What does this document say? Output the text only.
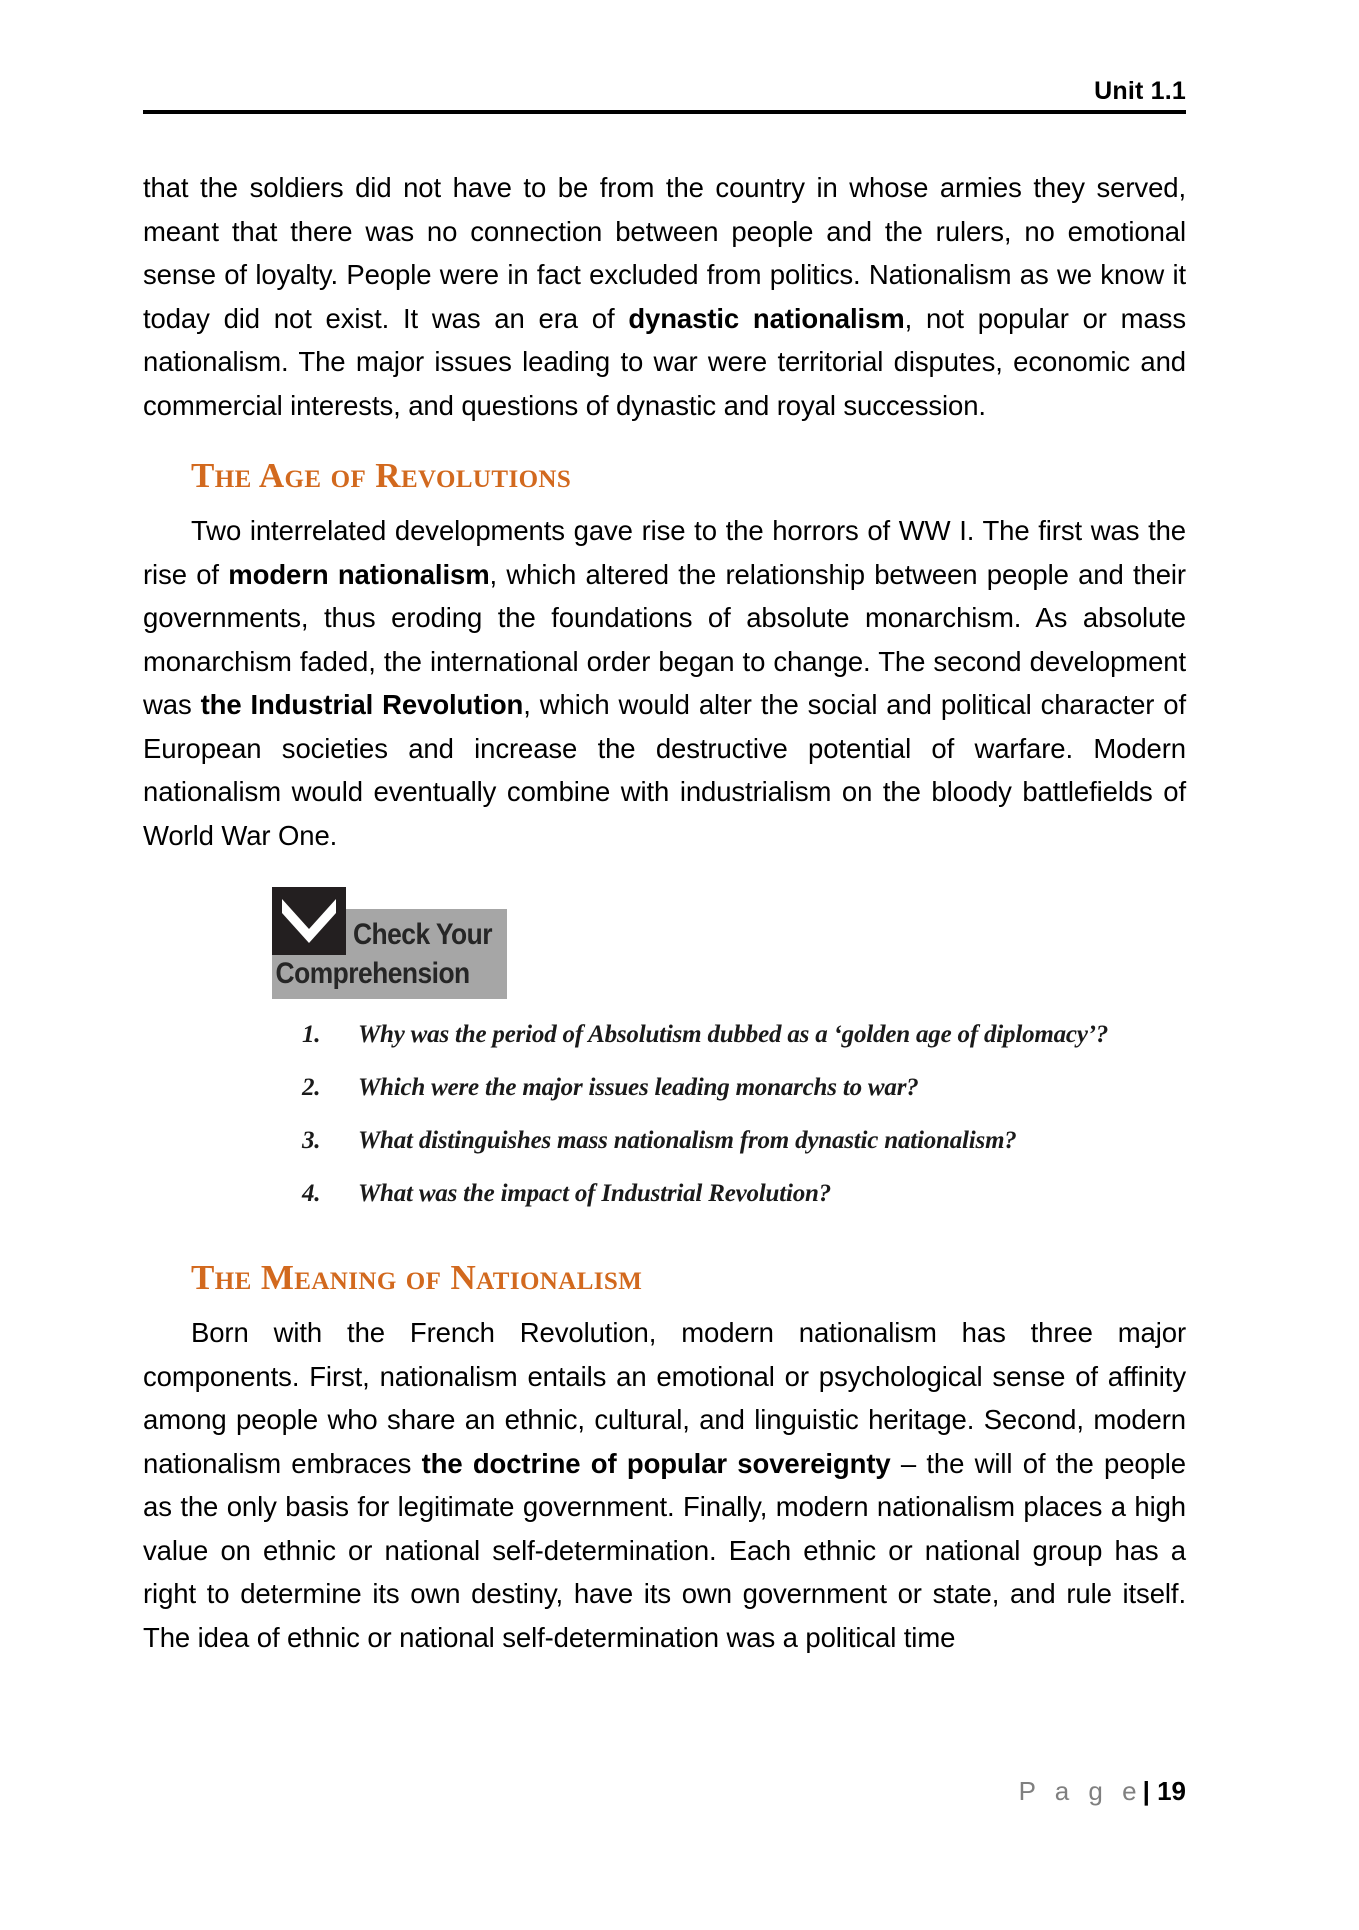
Unit 1.1

that the soldiers did not have to be from the country in whose armies they served, meant that there was no connection between people and the rulers, no emotional sense of loyalty. People were in fact excluded from politics. Nationalism as we know it today did not exist. It was an era of dynastic nationalism, not popular or mass nationalism. The major issues leading to war were territorial disputes, economic and commercial interests, and questions of dynastic and royal succession.

The Age of Revolutions

Two interrelated developments gave rise to the horrors of WW I. The first was the rise of modern nationalism, which altered the relationship between people and their governments, thus eroding the foundations of absolute monarchism. As absolute monarchism faded, the international order began to change. The second development was the Industrial Revolution, which would alter the social and political character of European societies and increase the destructive potential of warfare. Modern nationalism would eventually combine with industrialism on the bloody battlefields of World War One.

Check Your
Comprehension
1.	Why was the period of Absolutism dubbed as a ‘golden age of diplomacy’?
2.	Which were the major issues leading monarchs to war?
3.	What distinguishes mass nationalism from dynastic nationalism?
4.	What was the impact of Industrial Revolution?
The Meaning of Nationalism

Born with the French Revolution, modern nationalism has three major components. First, nationalism entails an emotional or psychological sense of affinity among people who share an ethnic, cultural, and linguistic heritage. Second, modern nationalism embraces the doctrine of popular sovereignty – the will of the people as the only basis for legitimate government. Finally, modern nationalism places a high value on ethnic or national self-determination. Each ethnic or national group has a right to determine its own destiny, have its own government or state, and rule itself. The idea of ethnic or national self-determination was a political time

P a g e| 19
